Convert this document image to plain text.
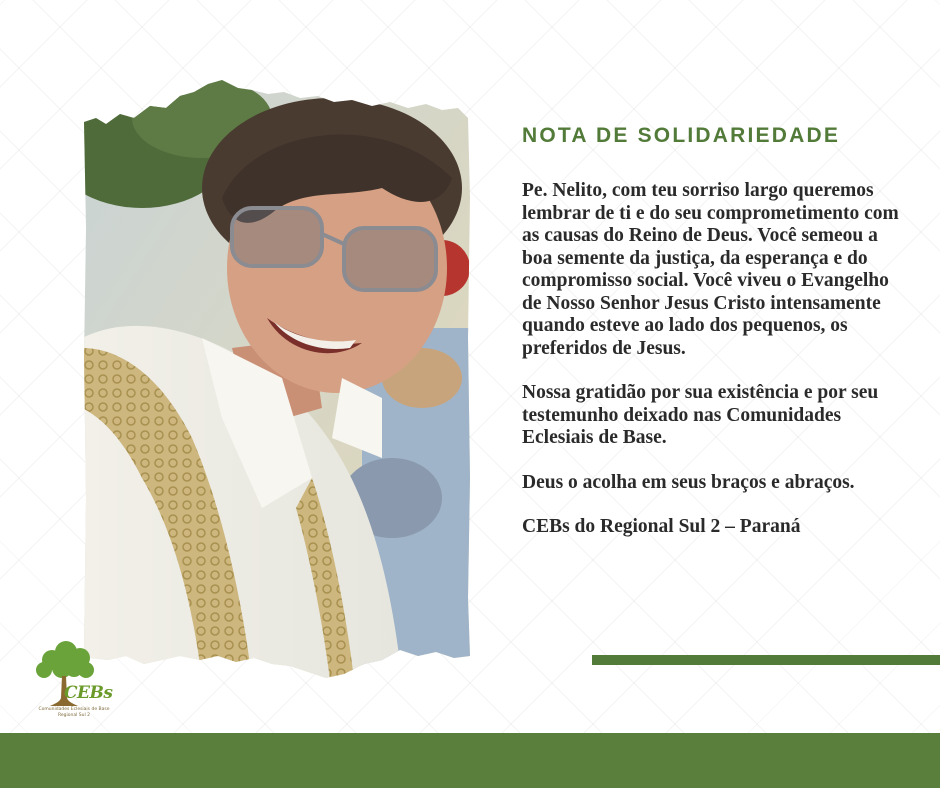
NOTA DE SOLIDARIEDADE

Pe. Nelito, com teu sorriso largo queremos lembrar de ti e do seu comprometimento com as causas do Reino de Deus. Você semeou a boa semente da justiça, da esperança e do compromisso social. Você viveu o Evangelho de Nosso Senhor Jesus Cristo intensamente quando esteve ao lado dos pequenos, os preferidos de Jesus.

Nossa gratidão por sua existência e por seu testemunho deixado nas Comunidades Eclesiais de Base.

Deus o acolha em seus braços e abraços.

CEBs do Regional Sul 2 – Paraná

CEBs
Comunidades Eclesiais de Base
Regional Sul 2
